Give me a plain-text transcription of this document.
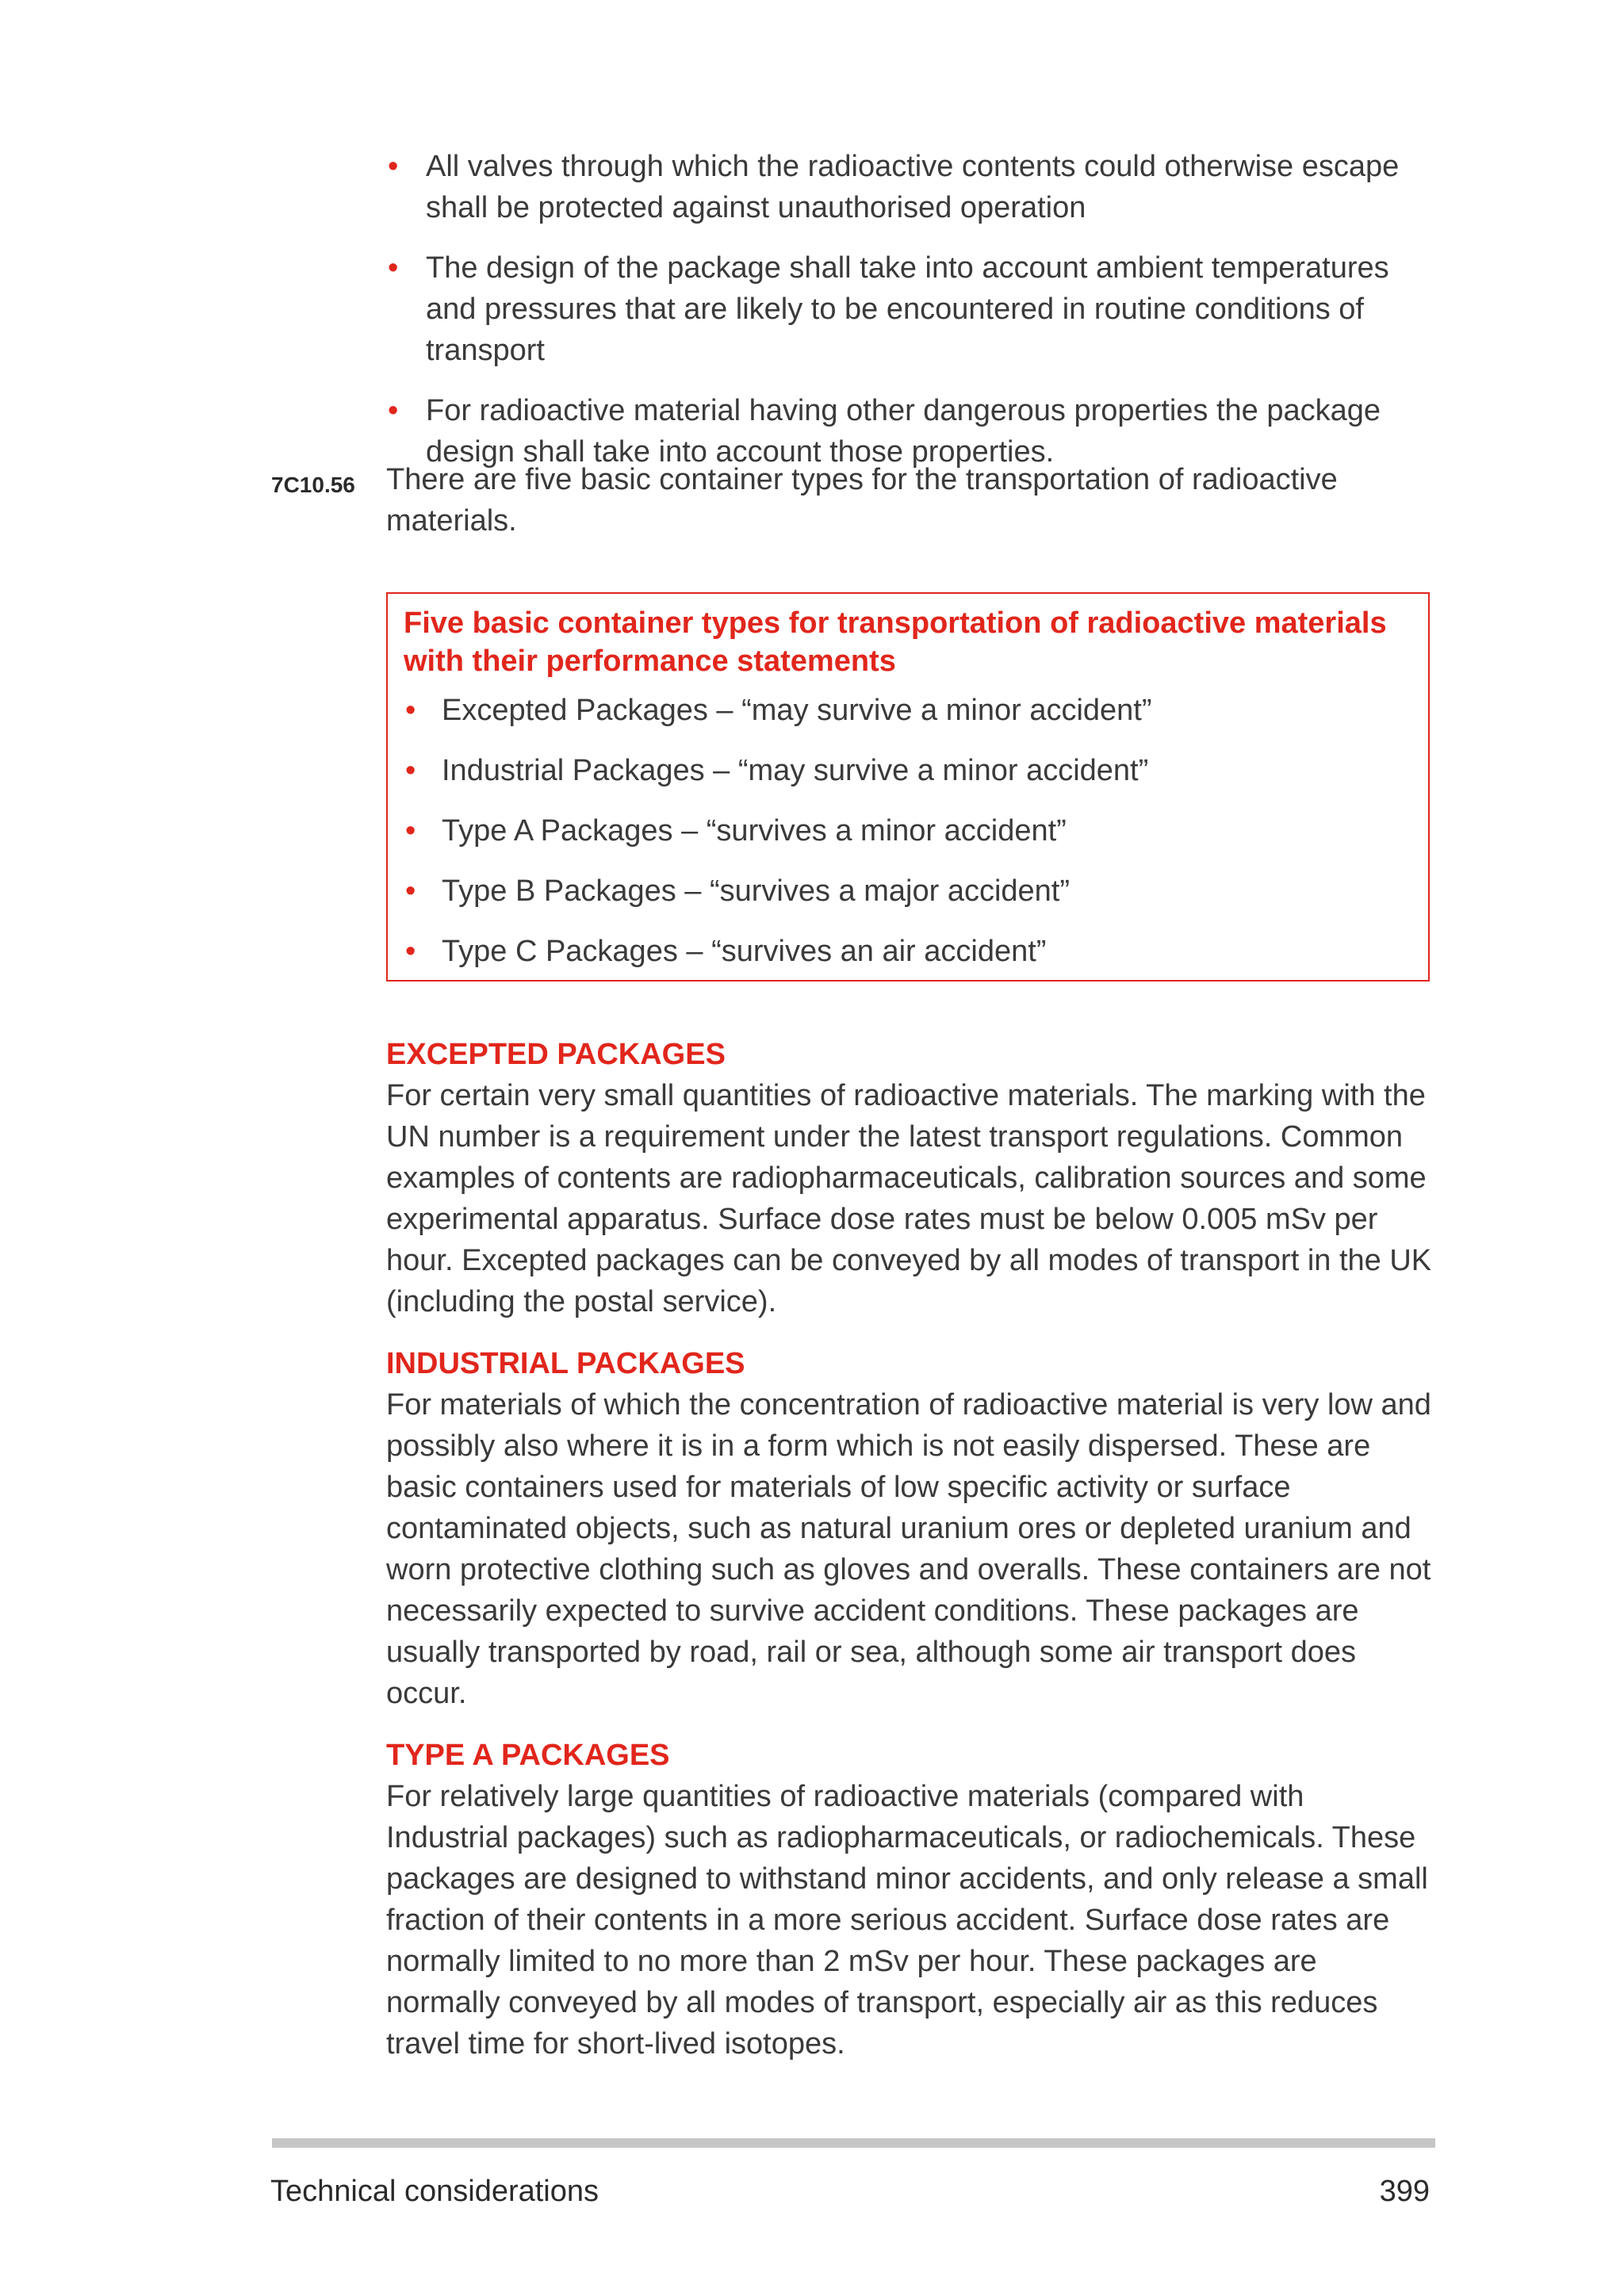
• All valves through which the radioactive contents could otherwise escape shall be protected against unauthorised operation
• The design of the package shall take into account ambient temperatures and pressures that are likely to be encountered in routine conditions of transport
• For radioactive material having other dangerous properties the package design shall take into account those properties.
7C10.56 There are five basic container types for the transportation of radioactive materials.

Five basic container types for transportation of radioactive materials with their performance statements

• Excepted Packages – “may survive a minor accident”
• Industrial Packages – “may survive a minor accident”
• Type A Packages – “survives a minor accident”
• Type B Packages – “survives a major accident”
• Type C Packages – “survives an air accident”

EXCEPTED PACKAGES

For certain very small quantities of radioactive materials. The marking with the UN number is a requirement under the latest transport regulations. Common examples of contents are radiopharmaceuticals, calibration sources and some experimental apparatus. Surface dose rates must be below 0.005 mSv per hour. Excepted packages can be conveyed by all modes of transport in the UK (including the postal service).

INDUSTRIAL PACKAGES

For materials of which the concentration of radioactive material is very low and possibly also where it is in a form which is not easily dispersed. These are basic containers used for materials of low specific activity or surface contaminated objects, such as natural uranium ores or depleted uranium and worn protective clothing such as gloves and overalls. These containers are not necessarily expected to survive accident conditions. These packages are usually transported by road, rail or sea, although some air transport does occur.

TYPE A PACKAGES

For relatively large quantities of radioactive materials (compared with Industrial packages) such as radiopharmaceuticals, or radiochemicals. These packages are designed to withstand minor accidents, and only release a small fraction of their contents in a more serious accident. Surface dose rates are normally limited to no more than 2 mSv per hour. These packages are normally conveyed by all modes of transport, especially air as this reduces travel time for short-lived isotopes.

Technical considerations	399
